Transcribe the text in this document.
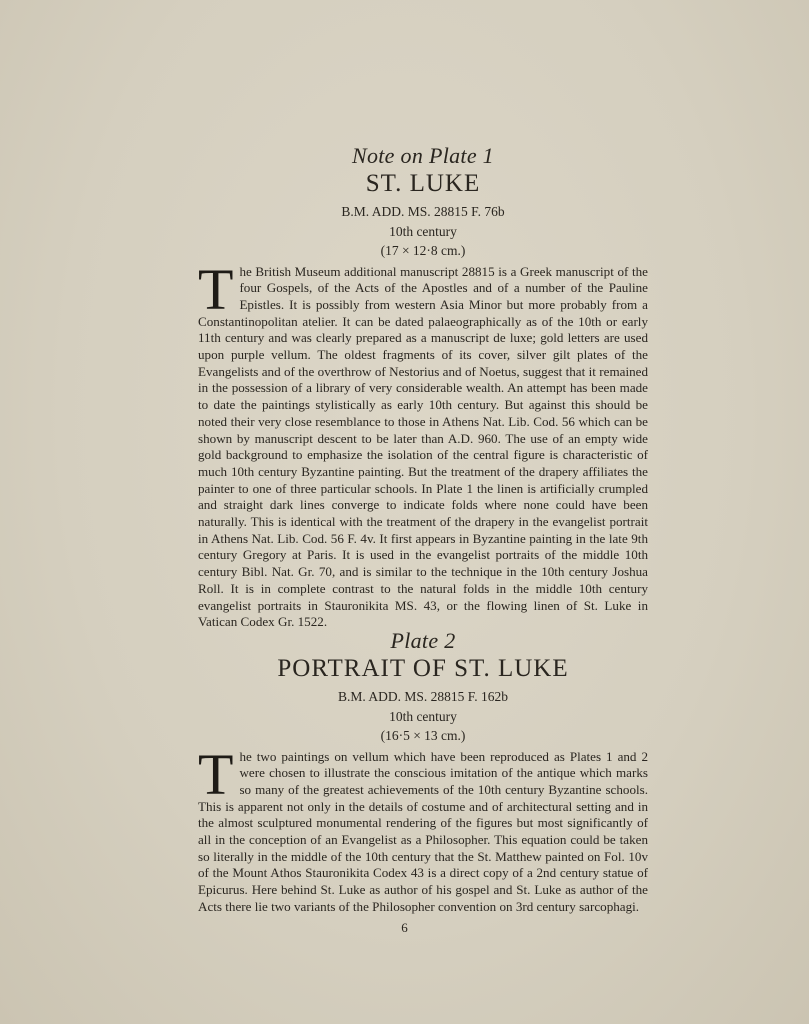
Note on Plate 1

ST. LUKE

B.M. ADD. MS. 28815 F. 76b

10th century

(17 × 12·8 cm.)

The British Museum additional manuscript 28815 is a Greek manuscript of the four Gospels, of the Acts of the Apostles and of a number of the Pauline Epistles. It is possibly from western Asia Minor but more probably from a Constantinopolitan atelier. It can be dated palaeographically as of the 10th or early 11th century and was clearly prepared as a manuscript de luxe; gold letters are used upon purple vellum. The oldest fragments of its cover, silver gilt plates of the Evangelists and of the overthrow of Nestorius and of Noetus, suggest that it remained in the possession of a library of very considerable wealth. An attempt has been made to date the paintings stylistically as early 10th century. But against this should be noted their very close resemblance to those in Athens Nat. Lib. Cod. 56 which can be shown by manuscript descent to be later than A.D. 960. The use of an empty wide gold background to emphasize the isolation of the central figure is characteristic of much 10th century Byzantine painting. But the treatment of the drapery affiliates the painter to one of three particular schools. In Plate 1 the linen is artificially crumpled and straight dark lines converge to indicate folds where none could have been naturally. This is identical with the treatment of the drapery in the evangelist portrait in Athens Nat. Lib. Cod. 56 F. 4v. It first appears in Byzantine painting in the late 9th century Gregory at Paris. It is used in the evangelist portraits of the middle 10th century Bibl. Nat. Gr. 70, and is similar to the technique in the 10th century Joshua Roll. It is in complete contrast to the natural folds in the middle 10th century evangelist portraits in Stauronikita MS. 43, or the flowing linen of St. Luke in Vatican Codex Gr. 1522.

Plate 2

PORTRAIT OF ST. LUKE

B.M. ADD. MS. 28815 F. 162b

10th century

(16·5 × 13 cm.)

The two paintings on vellum which have been reproduced as Plates 1 and 2 were chosen to illustrate the conscious imitation of the antique which marks so many of the greatest achievements of the 10th century Byzantine schools. This is apparent not only in the details of costume and of architectural setting and in the almost sculptured monumental rendering of the figures but most significantly of all in the conception of an Evangelist as a Philosopher. This equation could be taken so literally in the middle of the 10th century that the St. Matthew painted on Fol. 10v of the Mount Athos Stauronikita Codex 43 is a direct copy of a 2nd century statue of Epicurus. Here behind St. Luke as author of his gospel and St. Luke as author of the Acts there lie two variants of the Philosopher convention on 3rd century sarcophagi.

6
